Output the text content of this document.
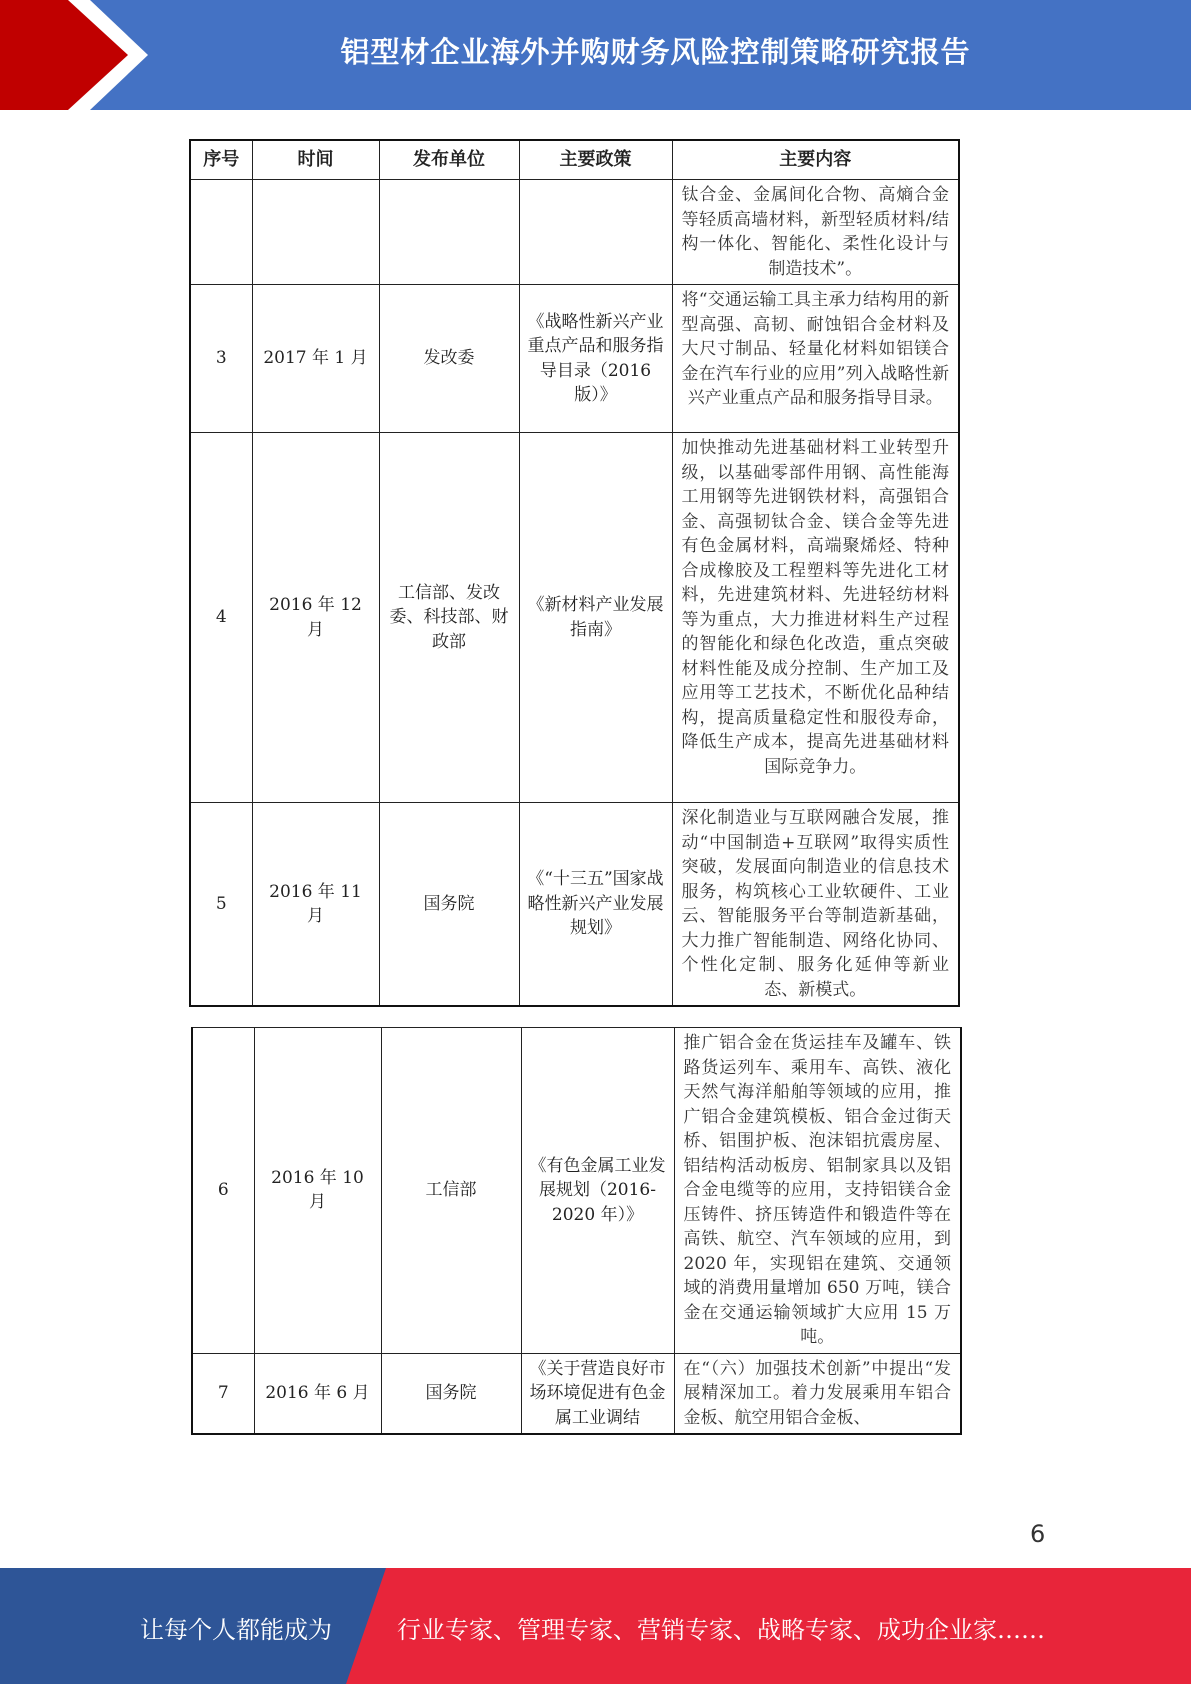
铝型材企业海外并购财务风险控制策略研究报告
序号	时间	发布单位	主要政策	主要内容
				钛合金、金属间化合物、高熵合金等轻质高墙材料，新型轻质材料/结构一体化、智能化、柔性化设计与制造技术”。
3	2017 年 1 月	发改委	《战略性新兴产业重点产品和服务指导目录（2016 版）》	将“交通运输工具主承力结构用的新型高强、高韧、耐蚀铝合金材料及大尺寸制品、轻量化材料如铝镁合金在汽车行业的应用”列入战略性新兴产业重点产品和服务指导目录。
4	2016 年 12 月	工信部、发改委、科技部、财政部	《新材料产业发展指南》	加快推动先进基础材料工业转型升级，以基础零部件用钢、高性能海工用钢等先进钢铁材料，高强铝合金、高强韧钛合金、镁合金等先进有色金属材料，高端聚烯烃、特种合成橡胶及工程塑料等先进化工材料，先进建筑材料、先进轻纺材料等为重点，大力推进材料生产过程的智能化和绿色化改造，重点突破材料性能及成分控制、生产加工及应用等工艺技术，不断优化品种结构，提高质量稳定性和服役寿命，降低生产成本，提高先进基础材料国际竞争力。
5	2016 年 11 月	国务院	《“十三五”国家战略性新兴产业发展规划》	深化制造业与互联网融合发展，推动“中国制造+互联网”取得实质性突破，发展面向制造业的信息技术服务，构筑核心工业软硬件、工业云、智能服务平台等制造新基础，大力推广智能制造、网络化协同、个性化定制、服务化延伸等新业态、新模式。
6	2016 年 10 月	工信部	《有色金属工业发展规划（2016-2020 年）》	推广铝合金在货运挂车及罐车、铁路货运列车、乘用车、高铁、液化天然气海洋船舶等领域的应用，推广铝合金建筑模板、铝合金过街天桥、铝围护板、泡沫铝抗震房屋、铝结构活动板房、铝制家具以及铝合金电缆等的应用，支持铝镁合金压铸件、挤压铸造件和锻造件等在高铁、航空、汽车领域的应用，到 2020 年，实现铝在建筑、交通领域的消费用量增加 650 万吨，镁合金在交通运输领域扩大应用 15 万吨。
7	2016 年 6 月	国务院	《关于营造良好市场环境促进有色金属工业调结	在“（六）加强技术创新”中提出“发展精深加工。着力发展乘用车铝合金板、航空用铝合金板、
6
让每个人都能成为	行业专家、管理专家、营销专家、战略专家、成功企业家……
